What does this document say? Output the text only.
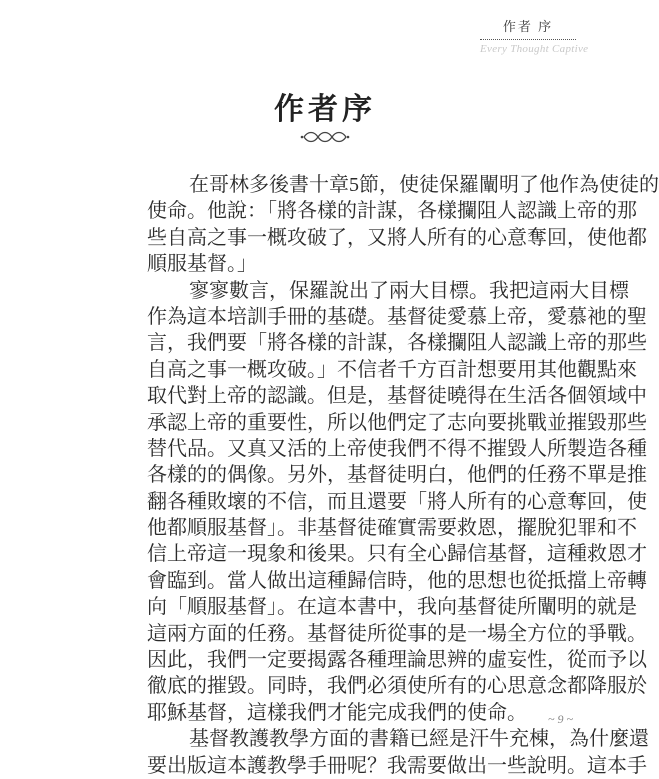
作者 序
Every Thought Captive
作者序
在哥林多後書十章5節，使徒保羅闡明了他作為使徒的
使命。他說：「將各樣的計謀，各樣攔阻人認識上帝的那
些自高之事一概攻破了，又將人所有的心意奪回，使他都
順服基督。」
寥寥數言，保羅說出了兩大目標。我把這兩大目標
作為這本培訓手冊的基礎。基督徒愛慕上帝，愛慕祂的聖
言，我們要「將各樣的計謀，各樣攔阻人認識上帝的那些
自高之事一概攻破。」不信者千方百計想要用其他觀點來
取代對上帝的認識。但是，基督徒曉得在生活各個領域中
承認上帝的重要性，所以他們定了志向要挑戰並摧毀那些
替代品。又真又活的上帝使我們不得不摧毀人所製造各種
各樣的的偶像。另外，基督徒明白，他們的任務不單是推
翻各種敗壞的不信，而且還要「將人所有的心意奪回，使
他都順服基督」。非基督徒確實需要救恩，擺脫犯罪和不
信上帝這一現象和後果。只有全心歸信基督，這種救恩才
會臨到。當人做出這種歸信時，他的思想也從抵擋上帝轉
向「順服基督」。在這本書中，我向基督徒所闡明的就是
這兩方面的任務。基督徒所從事的是一場全方位的爭戰。
因此，我們一定要揭露各種理論思辨的虛妄性，從而予以
徹底的摧毀。同時，我們必須使所有的心思意念都降服於
耶穌基督，這樣我們才能完成我們的使命。
基督教護教學方面的書籍已經是汗牛充棟，為什麼還
要出版這本護教學手冊呢？我需要做出一些說明。這本手
~ 9 ~
